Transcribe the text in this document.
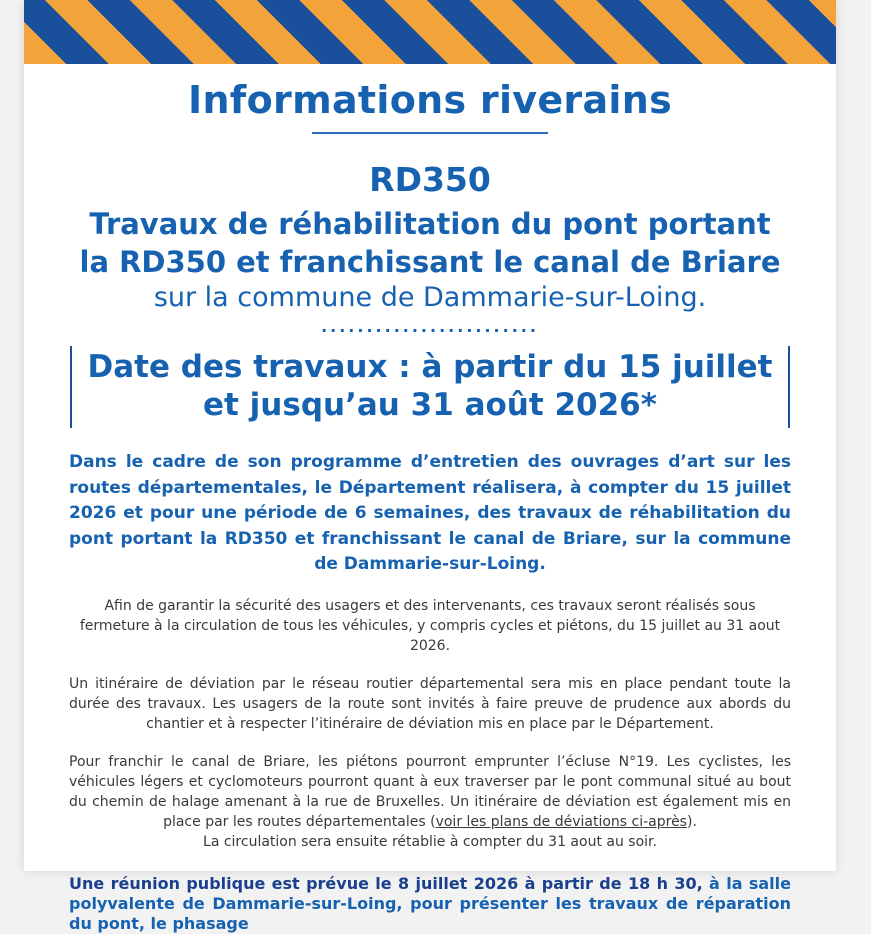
Informations riverains
RD350
Travaux de réhabilitation du pont portant
la RD350 et franchissant le canal de Briare
sur la commune de Dammarie-sur-Loing.
........................
Date des travaux : à partir du 15 juillet
et jusqu’au 31 août 2026*
Dans le cadre de son programme d’entretien des ouvrages d’art sur les routes départementales, le Département réalisera, à compter du 15 juillet 2026 et pour une période de 6 semaines, des travaux de réhabilitation du pont portant la RD350 et franchissant le canal de Briare, sur la commune de Dammarie-sur-Loing.
Afin de garantir la sécurité des usagers et des intervenants, ces travaux seront réalisés sous fermeture à la circulation de tous les véhicules, y compris cycles et piétons, du 15 juillet au 31 aout 2026.
Un itinéraire de déviation par le réseau routier départemental sera mis en place pendant toute la durée des travaux. Les usagers de la route sont invités à faire preuve de prudence aux abords du chantier et à respecter l’itinéraire de déviation mis en place par le Département.
Pour franchir le canal de Briare, les piétons pourront emprunter l’écluse N°19. Les cyclistes, les véhicules légers et cyclomoteurs pourront quant à eux traverser par le pont communal situé au bout du chemin de halage amenant à la rue de Bruxelles. Un itinéraire de déviation est également mis en place par les routes départementales (voir les plans de déviations ci-après).
La circulation sera ensuite rétablie à compter du 31 aout au soir.
Une réunion publique est prévue le 8 juillet 2026 à partir de 18 h 30, à la salle polyvalente de Dammarie-sur-Loing, pour présenter les travaux de réparation du pont, le phasage
